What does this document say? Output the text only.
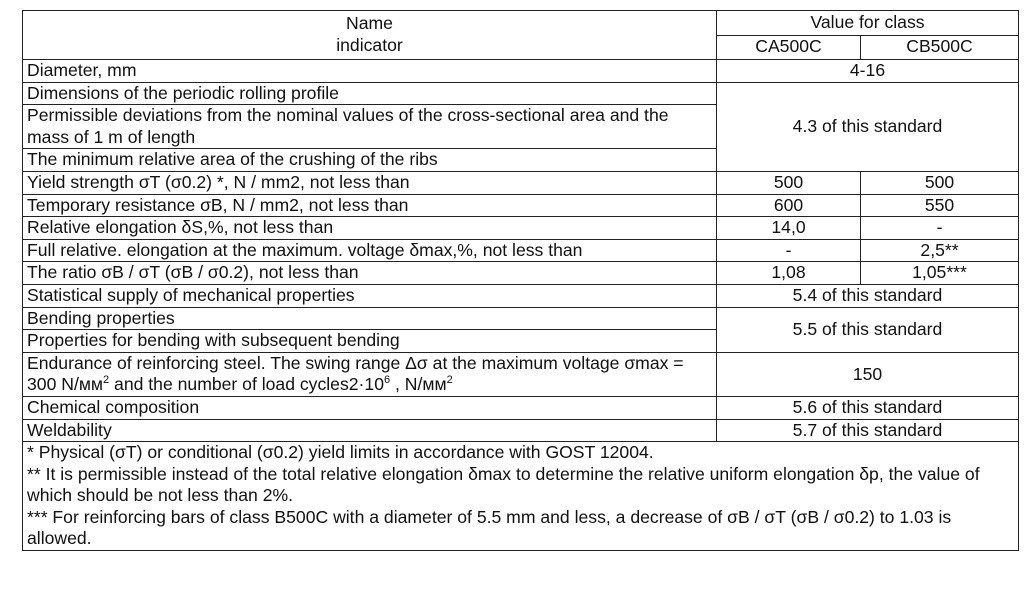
Name
indicator	Value for class	
	CA500C	CB500C
Diameter, mm	4-16	
Dimensions of the periodic rolling profile	4.3 of this standard	
Permissible deviations from the nominal values of the cross-sectional area and the mass of 1 m of length		
The minimum relative area of the crushing of the ribs		
Yield strength σT (σ0.2) *, N / mm2, not less than	500	500
Temporary resistance σB, N / mm2, not less than	600	550
Relative elongation δS,%, not less than	14,0	-
Full relative. elongation at the maximum. voltage δmax,%, not less than	-	2,5**
The ratio σB / σT (σB / σ0.2), not less than	1,08	1,05***
Statistical supply of mechanical properties	5.4 of this standard	
Bending properties	5.5 of this standard	
Properties for bending with subsequent bending		
Endurance of reinforcing steel. The swing range Δσ at the maximum voltage σmax = 300 $N/мм^2$ and the number of load $cycles2\cdot 10^6$ , $N/мм^2$	150	
Chemical composition	5.6 of this standard	
Weldability	5.7 of this standard	

* Physical (σT) or conditional (σ0.2) yield limits in accordance with GOST 12004.
** It is permissible instead of the total relative elongation δmax to determine the relative uniform elongation δp, the value of which should be not less than 2%.
*** For reinforcing bars of class B500C with a diameter of 5.5 mm and less, a decrease of σB / σT (σB / σ0.2) to 1.03 is allowed.		
